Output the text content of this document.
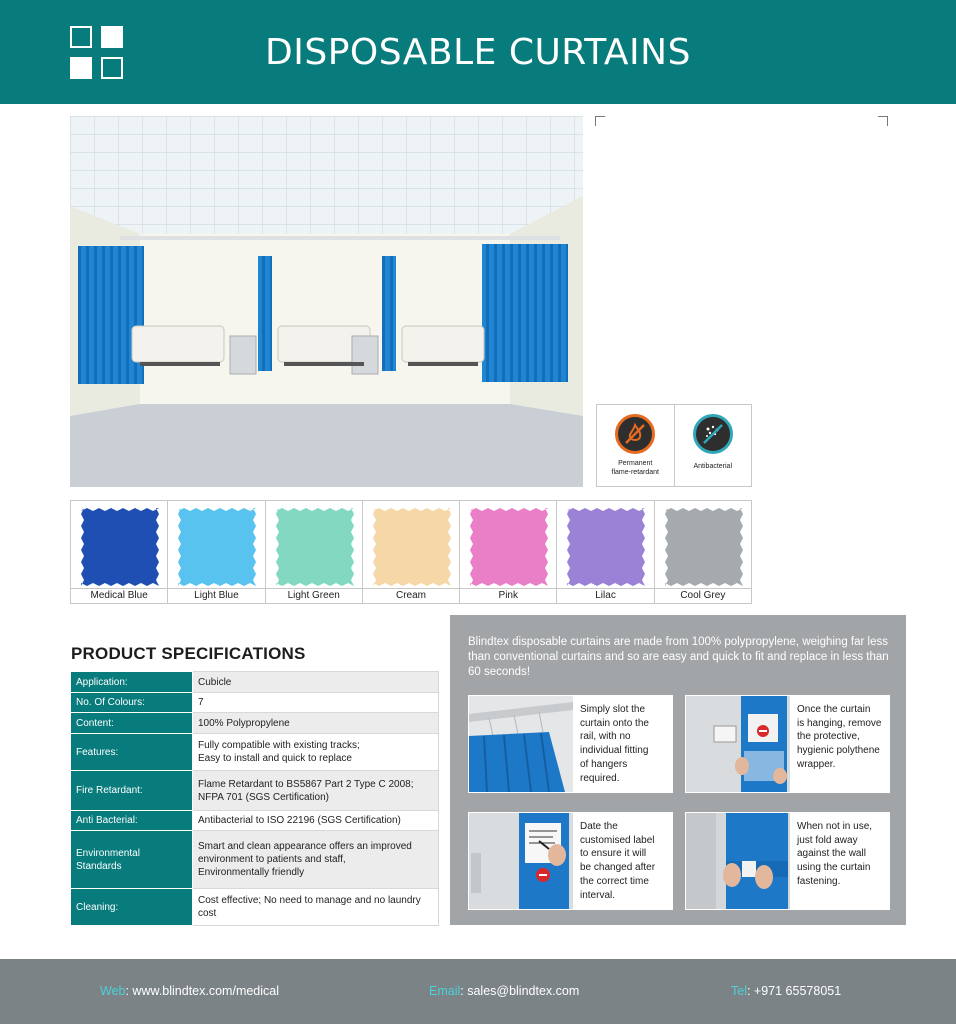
DISPOSABLE CURTAINS
Permanent
flame-retardant
Antibacterial
Medical Blue	Light Blue	Light Green	Cream	Pink	Lilac	Cool Grey
PRODUCT SPECIFICATIONS
Application:	Cubicle
No. Of Colours:	7
Content:	100% Polypropylene
Features:	Fully compatible with existing tracks;
Easy to install and quick to replace
Fire Retardant:	Flame Retardant to BS5867 Part 2 Type C 2008;
NFPA 701 (SGS Certification)
Anti Bacterial:	Antibacterial to ISO 22196 (SGS Certification)
Environmental
Standards	Smart and clean appearance offers an improved
environment to patients and staff,
Environmentally friendly
Cleaning:	Cost effective; No need to manage and no laundry
cost

Blindtex disposable curtains are made from 100% polypropylene, weighing far less than conventional curtains and so are easy and quick to fit and replace in less than 60 seconds!

Simply slot the
curtain onto the
rail, with no
individual fitting
of hangers
required.
Once the curtain
is hanging, remove
the protective,
hygienic polythene
wrapper.
Date the
customised label
to ensure it will
be changed after
the correct time
interval.
When not in use,
just fold away
against the wall
using the curtain
fastening.
Web: www.blindtex.com/medical	Email: sales@blindtex.com	Tel: +971 65578051
